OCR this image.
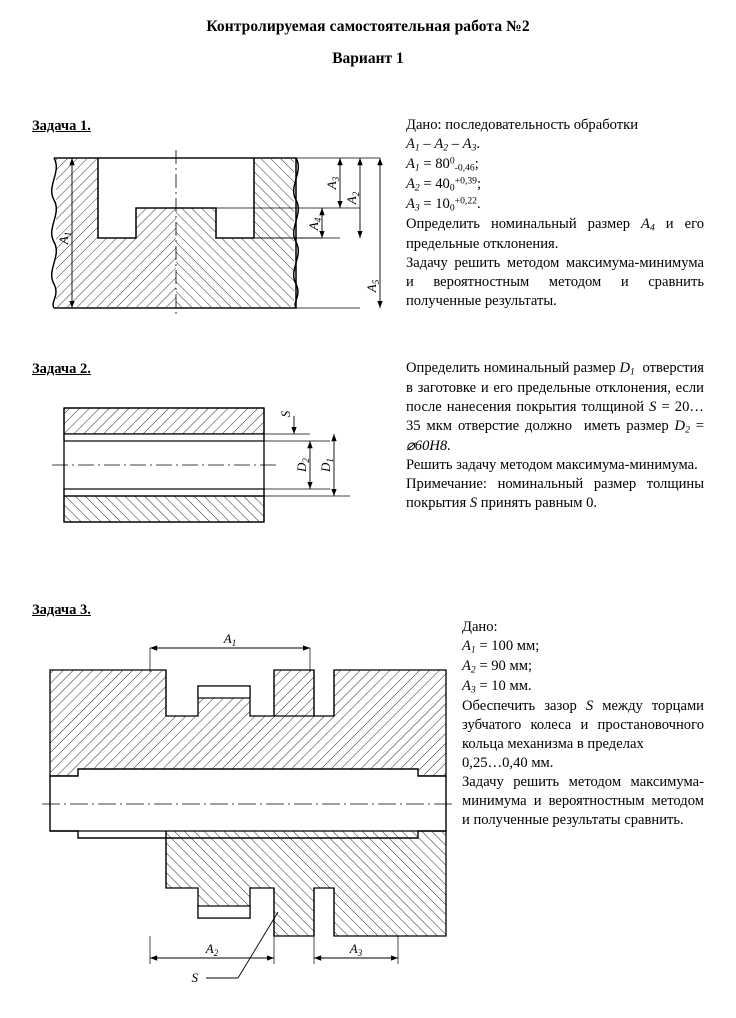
Контролируемая самостоятельная работа №2
Вариант 1
Задача 1.	Дано: последовательность обработки

$A_1 - A_2 - A_3$.

$A_1 = 80^0_{-0,46}$;

$A_2 = 40_0^{+0,39}$;

$A_3 = 10_0^{+0,22}$.

Определить номинальный размер $A_4$ и его предельные отклонения.

Задачу решить методом максимума-минимума и вероятностным методом и сравнить полученные результаты.

$A_1$
$A_4$
$A_3$
$A_2$
$A_5$
Задача 2.	Определить номинальный размер $D_1$  отверстия в заготовке и его предельные отклонения, если после нанесения покрытия толщиной S = 20…35 мкм отверстие должно  иметь размер $D_2$ = ⌀60H8.

Решить задачу методом максимума-минимума.

Примечание: номинальный размер толщины покрытия S принять равным 0.

S
$D_2$
$D_1$
Задача 3.

Дано:

$A_1 = 100$ мм;

$A_2 = 90$ мм;

$A_3 = 10$ мм.

Обеспечить зазор S между торцами зубчатого колеса и простановочного кольца механизма в пределах

0,25…0,40 мм.

Задачу решить методом максимума-минимума и вероятностным методом и полученные результаты сравнить.

$A_1$
$A_2$	$A_3$
S
